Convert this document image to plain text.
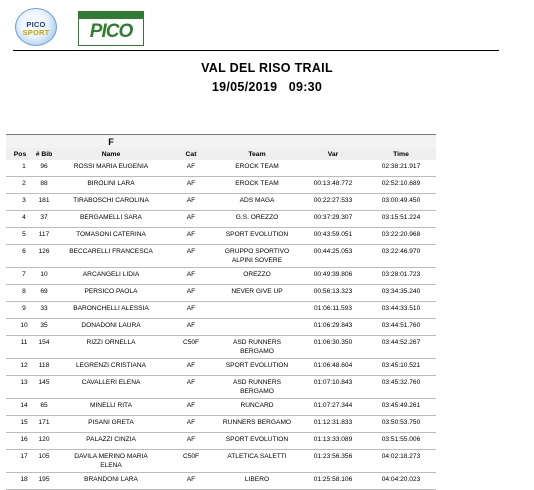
PICO
SPORT	PICO
VAL DEL RISO TRAIL
19/05/2019 09:30
		F				
Pos	# Bib	Name	Cat	Team	Var	Time
1	96	ROSSI MARIA EUGENIA	AF	EROCK TEAM		02:38:21.917
2	88	BIROLINI LARA	AF	EROCK TEAM	00:13:48.772	02:52:10.689
3	181	TIRABOSCHI CAROLINA	AF	ADS MAGA	00:22:27.533	03:00:49.450
4	37	BERGAMELLI SARA	AF	G.S. OREZZO	00:37:29.307	03:15:51.224
5	117	TOMASONI CATERINA	AF	SPORT EVOLUTION	00:43:59.051	03:22:20.968
6	126	BECCARELLI FRANCESCA	AF	GRUPPO SPORTIVO
ALPINI SOVERE	00:44:25.053	03:22:46.970
7	10	ARCANGELI LIDIA	AF	OREZZO	00:49:39.806	03:28:01.723
8	69	PERSICO PAOLA	AF	NEVER GIVE UP	00:56:13.323	03:34:35.240
9	33	BARONCHELLI ALESSIA	AF		01:06:11.593	03:44:33.510
10	35	DONADONI LAURA	AF		01:06:29.843	03:44:51.760
11	154	RIZZI ORNELLA	C50F	ASD RUNNERS
BERGAMO	01:06:30.350	03:44:52.267
12	118	LEGRENZI CRISTIANA	AF	SPORT EVOLUTION	01:06:48.604	03:45:10.521
13	145	CAVALLERI ELENA	AF	ASD RUNNERS
BERGAMO	01:07:10.843	03:45:32.760
14	65	MINELLI RITA	AF	RUNCARD	01:07:27.344	03:45:49.261
15	171	PISANI GRETA	AF	RUNNERS BERGAMO	01:12:31.833	03:50:53.750
16	120	PALAZZI CINZIA	AF	SPORT EVOLUTION	01:13:33.089	03:51:55.006
17	105	DAVILA MERINO MARIA
ELENA	C50F	ATLETICA SALETTI	01:23:56.356	04:02:18.273
18	195	BRANDONI LARA	AF	LIBERO	01:25:58.106	04:04:20.023
